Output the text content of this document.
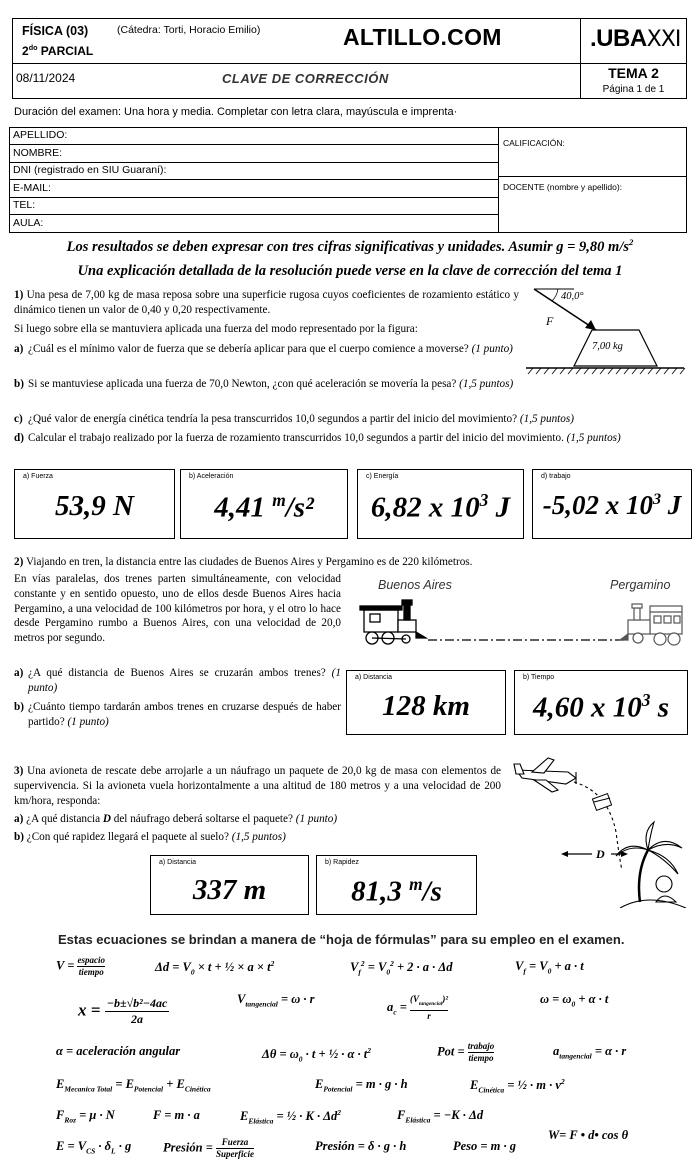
FÍSICA (03)	(Cátedra: Torti, Horacio Emilio)
$2^{do}$ PARCIAL
ALTILLO.COM	.UBAXXI
08/11/2024	CLAVE DE CORRECCIÓN	TEMA 2
Página 1 de 1
Duración del examen: Una hora y media. Completar con letra clara, mayúscula e imprenta·
APELLIDO:
NOMBRE:
DNI (registrado en SIU Guaraní):
E-MAIL:
TEL:
AULA:
CALIFICACIÓN:
DOCENTE (nombre y apellido):
Los resultados se deben expresar con tres cifras significativas y unidades. Asumir g = 9,80 $m/s^2$
Una explicación detallada de la resolución puede verse en la clave de corrección del tema 1
1) Una pesa de 7,00 kg de masa reposa sobre una superficie rugosa cuyos coeficientes de rozamiento estático y dinámico tienen un valor de 0,40 y 0,20 respectivamente.
Si luego sobre ella se mantuviera aplicada una fuerza del modo representado por la figura:
a) ¿Cuál es el mínimo valor de fuerza que se debería aplicar para que el cuerpo comience a moverse? (1 punto)
b) Si se mantuviese aplicada una fuerza de 70,0 Newton, ¿con qué aceleración se movería la pesa? (1,5 puntos)
c) ¿Qué valor de energía cinética tendría la pesa transcurridos 10,0 segundos a partir del inicio del movimiento? (1,5 puntos)
d) Calcular el trabajo realizado por la fuerza de rozamiento transcurridos 10,0 segundos a partir del inicio del movimiento. (1,5 puntos)
40,0°
F
7,00 kg
a) Fuerza
53,9 N
b) Aceleración
4,41 $^m$/s²
c) Energía
6,82 x $10^3$ J
d) trabajo
-5,02 x $10^3$ J
2) Viajando en tren, la distancia entre las ciudades de Buenos Aires y Pergamino es de 220 kilómetros.
En vías paralelas, dos trenes parten simultáneamente, con velocidad constante y en sentido opuesto, uno de ellos desde Buenos Aires hacia Pergamino, a una velocidad de 100 kilómetros por hora, y el otro lo hace desde Pergamino rumbo a Buenos Aires, con una velocidad de 20,0 metros por segundo.
a) ¿A qué distancia de Buenos Aires se cruzarán ambos trenes? (1 punto)
b) ¿Cuánto tiempo tardarán ambos trenes en cruzarse después de haber partido? (1 punto)
Buenos Aires	Pergamino
a) Distancia
128 km
b) Tiempo
4,60 x $10^3$ s
3) Una avioneta de rescate debe arrojarle a un náufrago un paquete de 20,0 kg de masa con elementos de supervivencia. Si la avioneta vuela horizontalmente a una altitud de 180 metros y a una velocidad de 200 km/hora, responda:
a) ¿A qué distancia D del náufrago deberá soltarse el paquete? (1 punto)
b) ¿Con qué rapidez llegará el paquete al suelo? (1,5 puntos)
D
a) Distancia
337 m
b) Rapidez
81,3 $^m$/s
Estas ecuaciones se brindan a manera de “hoja de fórmulas” para su empleo en el examen.
V = espacio
tiempo	$\Delta d = V_0 \times t$ + ½ × $a \times t^2$	$V_f^2 = V_0^2 + 2 \cdot a \cdot \Delta d$	$V_f = V_0 + a \cdot t$
x = −b±√b²−4ac
2a
$V_{tangencial} = \omega \cdot r$
$a_c$ =
$(V_{tangencial})^2$
r
$\omega = \omega_0 + \alpha \cdot t$
α = aceleración angular	$\Delta\theta = \omega_0 \cdot t$ + ½ · $\alpha \cdot t^2$	Pot = trabajo
tiempo	$a_{tangencial} = \alpha \cdot r$
$E_{Mecanica Total} = E_{Potencial} + E_{Cinética}$	$E_{Potencial} = m \cdot g \cdot h$	$E_{Cinética}$ = ½ · $m \cdot v^2$
$F_{Roz} = \mu \cdot N$	F = m · a	$E_{Elástica}$ = ½ · $K \cdot \Delta d^2$	$F_{Elástica} = -K \cdot \Delta d$
$E = V_{CS} \cdot \delta_L \cdot g$	Presión = Fuerza
Superficie
Presión = δ · g · h	Peso = m · g
W= F • d• cos θ
